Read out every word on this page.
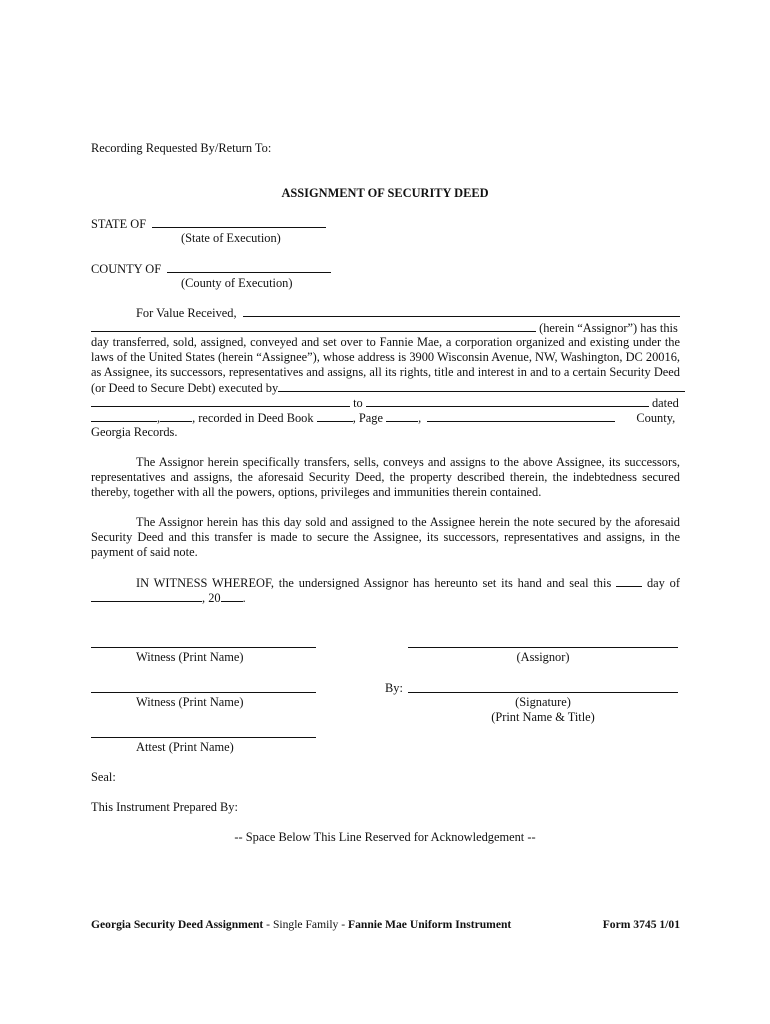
Recording Requested By/Return To:
ASSIGNMENT OF SECURITY DEED
STATE OF
(State of Execution)
COUNTY OF
(County of Execution)
For Value Received,
(herein “Assignor”) has this
day transferred, sold, assigned, conveyed and set over to Fannie Mae, a corporation organized and existing under the
laws of the United States (herein “Assignee”), whose address is 3900 Wisconsin Avenue, NW, Washington, DC 20016,
as Assignee, its successors, representatives and assigns, all its rights, title and interest in and to a certain Security Deed
(or Deed to Secure Debt) executed by
to	dated
,	, recorded in Deed Book	, Page	,	County,
Georgia Records.
The Assignor herein specifically transfers, sells, conveys and assigns to the above Assignee, its successors, representatives and assigns, the aforesaid Security Deed, the property described therein, the indebtedness secured thereby, together with all the powers, options, privileges and immunities therein contained.
The Assignor herein has this day sold and assigned to the Assignee herein the note secured by the aforesaid Security Deed and this transfer is made to secure the Assignee, its successors, representatives and assigns, in the payment of said note.
IN WITNESS WHEREOF, the undersigned Assignor has hereunto set its hand and seal this	day of
, 20 .
Witness (Print Name)	(Assignor)
By:
Witness (Print Name)	(Signature)
(Print Name & Title)
Attest (Print Name)
Seal:
This Instrument Prepared By:
-- Space Below This Line Reserved for Acknowledgement --
Georgia Security Deed Assignment - Single Family - Fannie Mae Uniform Instrument	Form 3745 1/01
